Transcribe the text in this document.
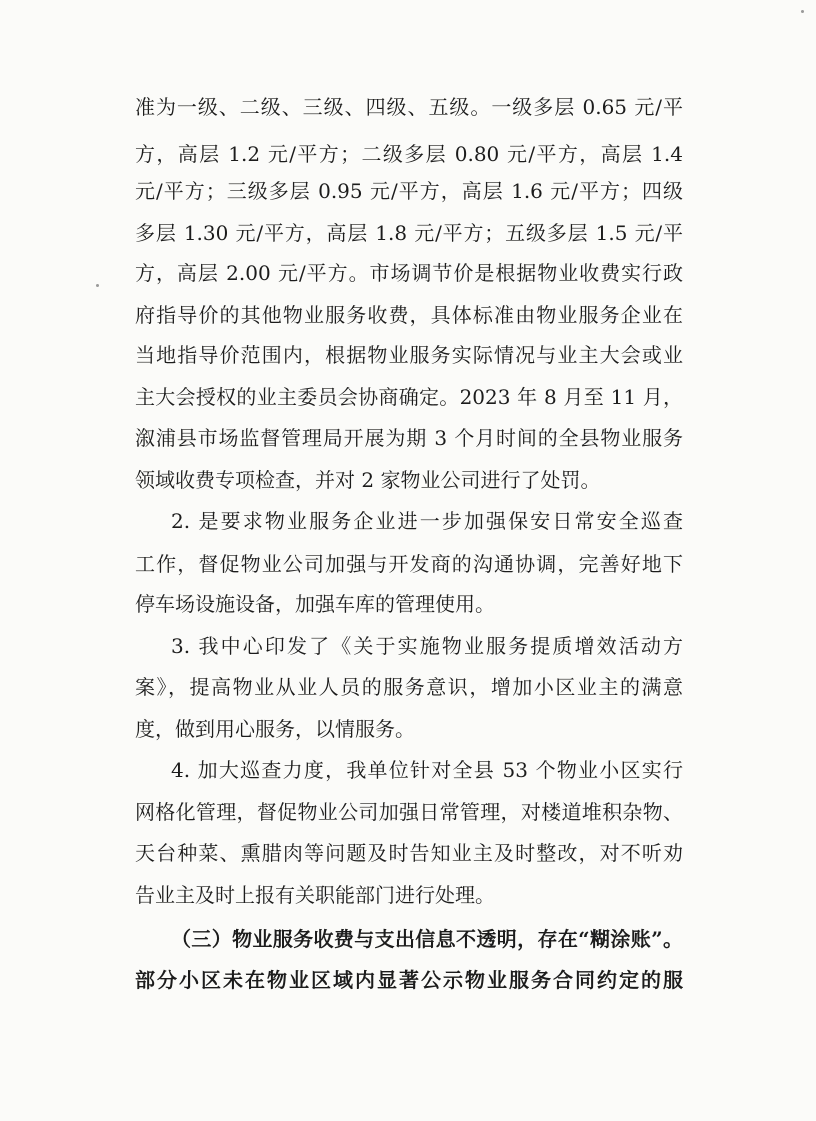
准为一级、二级、三级、四级、五级。一级多层 0.65 元/平
方，高层 1.2 元/平方；二级多层 0.80 元/平方，高层 1.4
元/平方；三级多层 0.95 元/平方，高层 1.6 元/平方；四级
多层 1.30 元/平方，高层 1.8 元/平方；五级多层 1.5 元/平
方，高层 2.00 元/平方。市场调节价是根据物业收费实行政
府指导价的其他物业服务收费，具体标准由物业服务企业在
当地指导价范围内，根据物业服务实际情况与业主大会或业
主大会授权的业主委员会协商确定。2023 年 8 月至 11 月，
溆浦县市场监督管理局开展为期 3 个月时间的全县物业服务
领域收费专项检查，并对 2 家物业公司进行了处罚。
2. 是要求物业服务企业进一步加强保安日常安全巡查
工作，督促物业公司加强与开发商的沟通协调，完善好地下
停车场设施设备，加强车库的管理使用。
3. 我中心印发了《关于实施物业服务提质增效活动方
案》，提高物业从业人员的服务意识，增加小区业主的满意
度，做到用心服务，以情服务。
4. 加大巡查力度，我单位针对全县 53 个物业小区实行
网格化管理，督促物业公司加强日常管理，对楼道堆积杂物、
天台种菜、熏腊肉等问题及时告知业主及时整改，对不听劝
告业主及时上报有关职能部门进行处理。
（三）物业服务收费与支出信息不透明，存在“糊涂账”。
部分小区未在物业区域内显著公示物业服务合同约定的服
